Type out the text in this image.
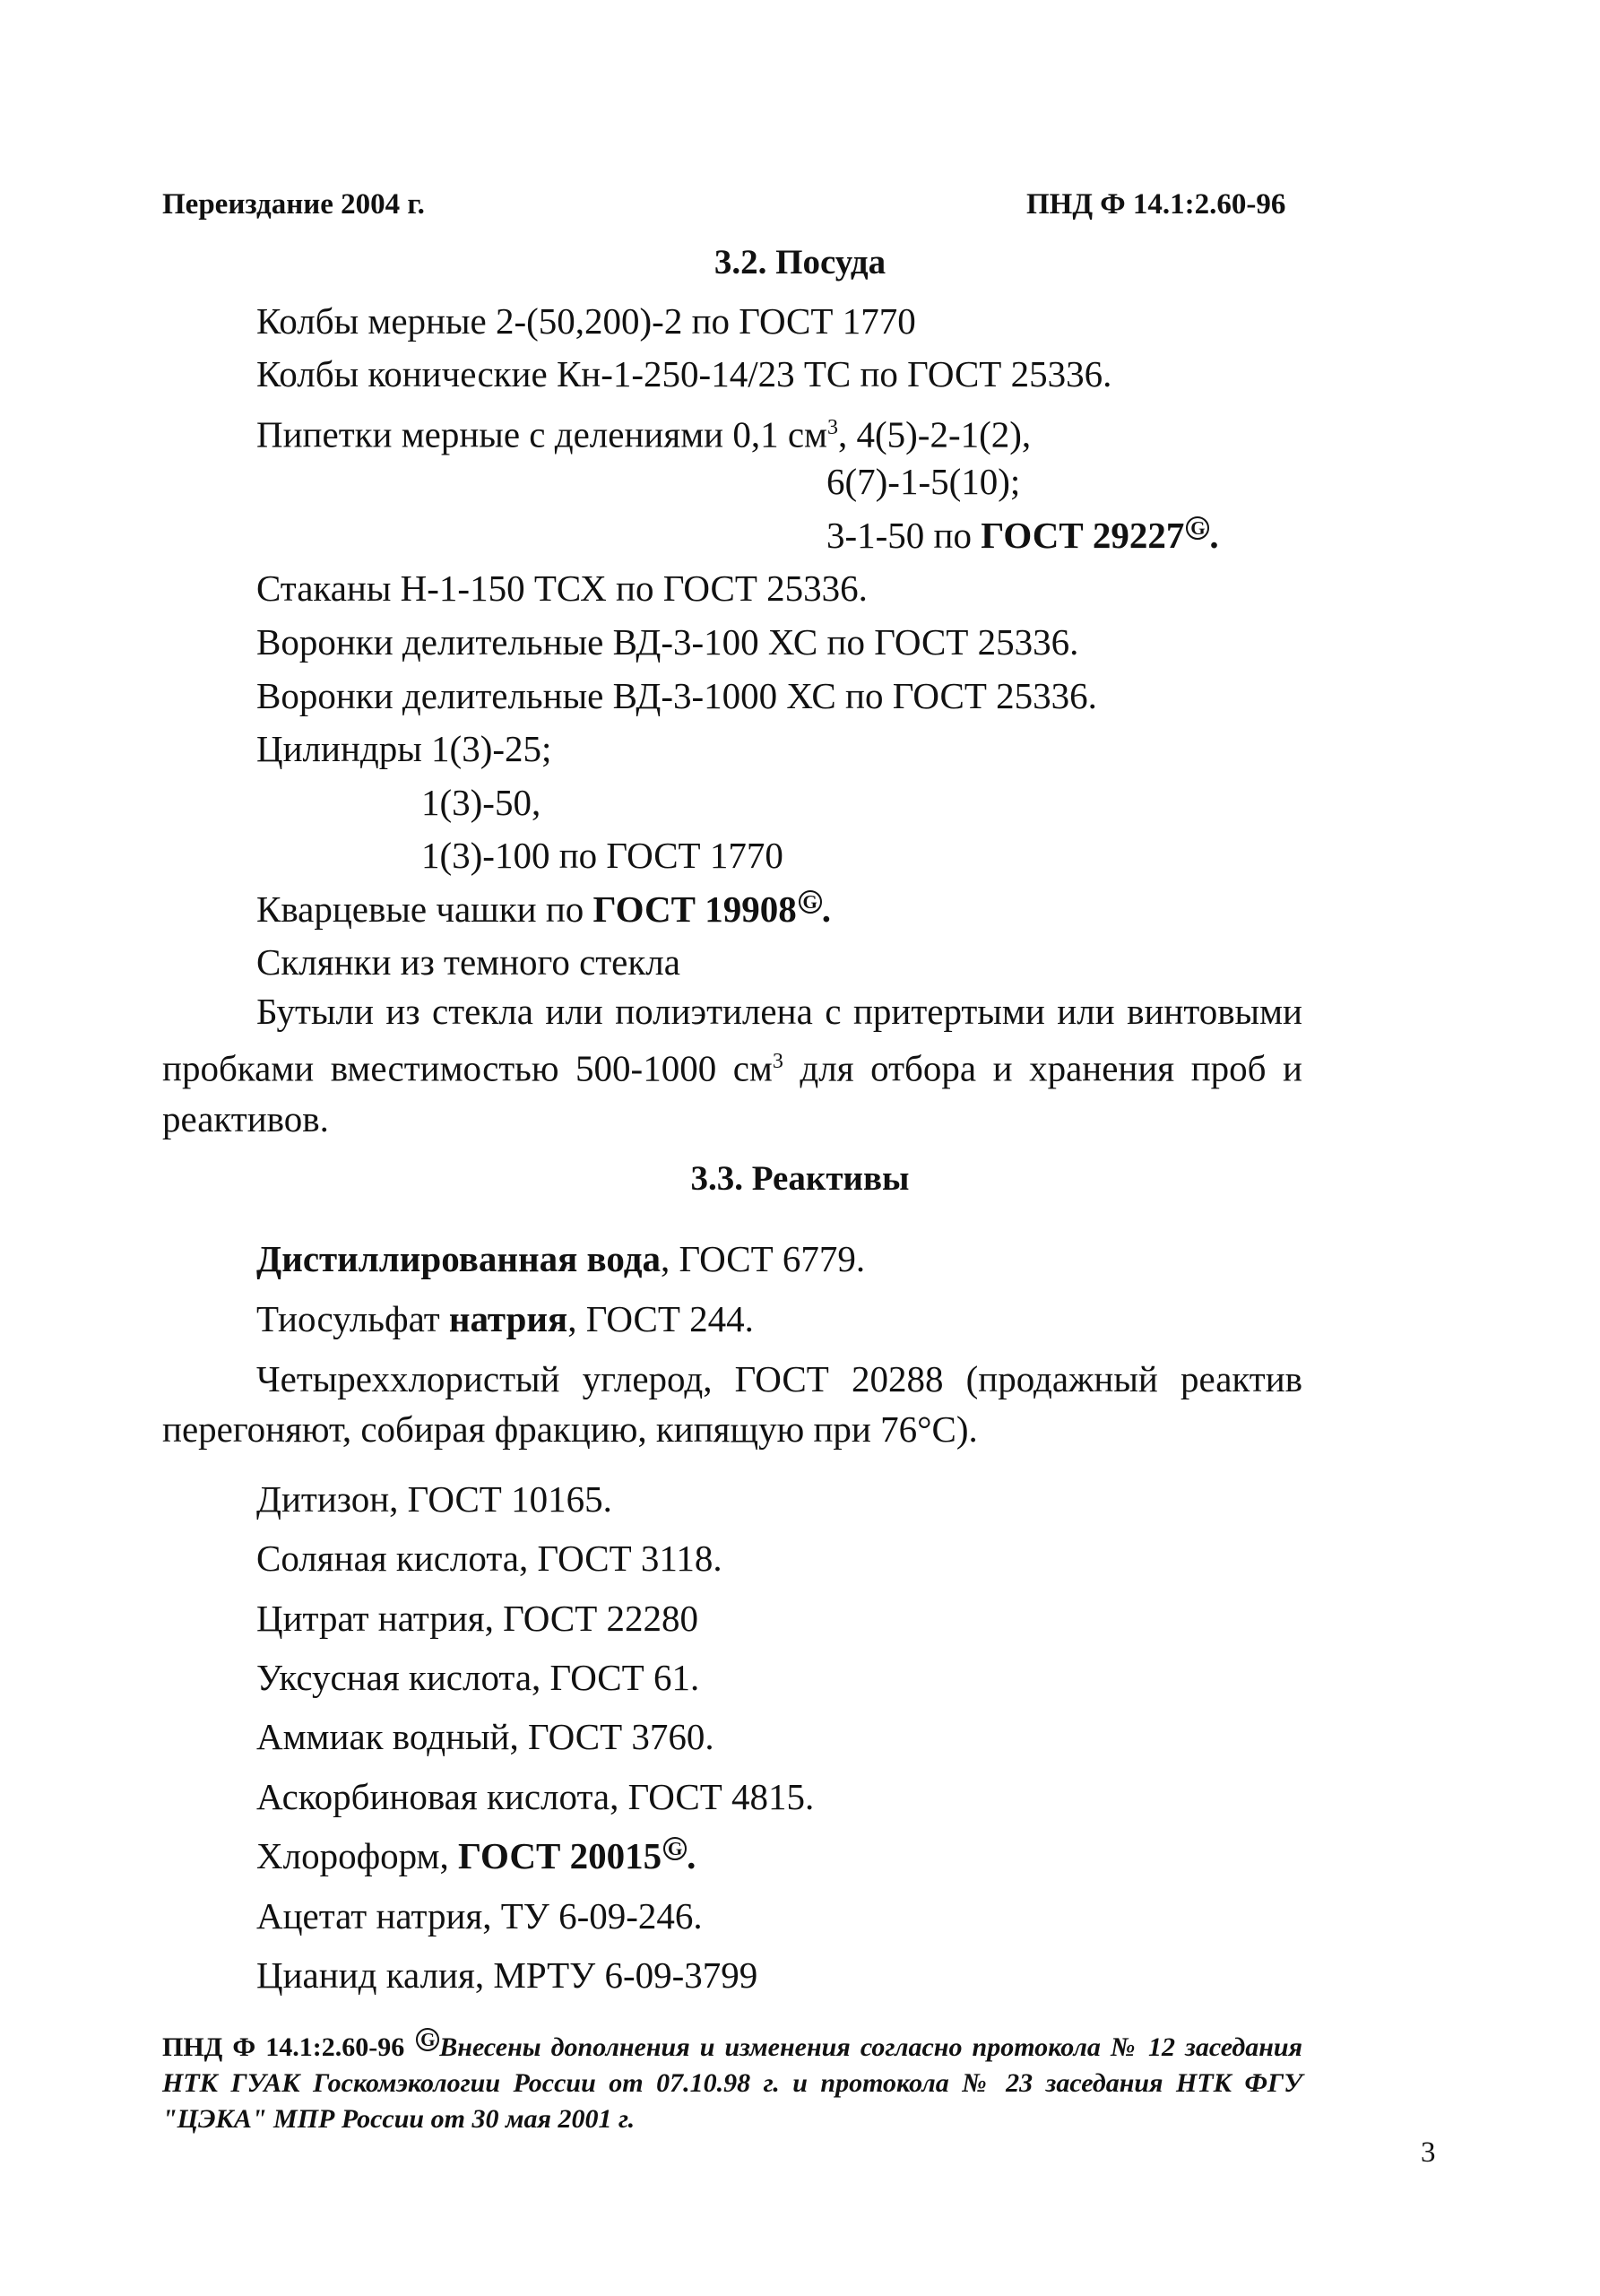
Переиздание 2004 г.	ПНД Ф 14.1:2.60-96
3.2. Посуда
Колбы мерные 2-(50,200)-2 по ГОСТ 1770
Колбы конические Кн-1-250-14/23 ТС по ГОСТ 25336.
Пипетки мерные с делениями 0,1 $см^3$, 4(5)-2-1(2),
6(7)-1-5(10);
3-1-50 по ГОСТ 29227 G .
Стаканы Н-1-150 ТСХ по ГОСТ 25336.
Воронки делительные ВД-3-100 ХС по ГОСТ 25336.
Воронки делительные ВД-3-1000 ХС по ГОСТ 25336.
Цилиндры 1(3)-25;
1(3)-50,
1(3)-100 по ГОСТ 1770
Кварцевые чашки по ГОСТ 19908 G .
Склянки из темного стекла
Бутыли из стекла или полиэтилена с притертыми или винтовыми пробками вместимостью 500-1000 $см^3$ для отбора и хранения проб и реактивов.
3.3. Реактивы
Дистиллированная вода, ГОСТ 6779.
Тиосульфат натрия, ГОСТ 244.
Четыреххлористый углерод, ГОСТ 20288 (продажный реактив перегоняют, собирая фракцию, кипящую при 76°С).
Дитизон, ГОСТ 10165.
Соляная кислота, ГОСТ 3118.
Цитрат натрия, ГОСТ 22280
Уксусная кислота, ГОСТ 61.
Аммиак водный, ГОСТ 3760.
Аскорбиновая кислота, ГОСТ 4815.
Хлороформ, ГОСТ 20015 G .
Ацетат натрия, ТУ 6-09-246.
Цианид калия, МРТУ 6-09-3799
ПНД Ф 14.1:2.60-96 G Внесены дополнения и изменения согласно протокола № 12 заседания НТК ГУАК Госкомэкологии России от 07.10.98 г. и протокола № 23 заседания НТК ФГУ "ЦЭКА" МПР России от 30 мая 2001 г.
3
